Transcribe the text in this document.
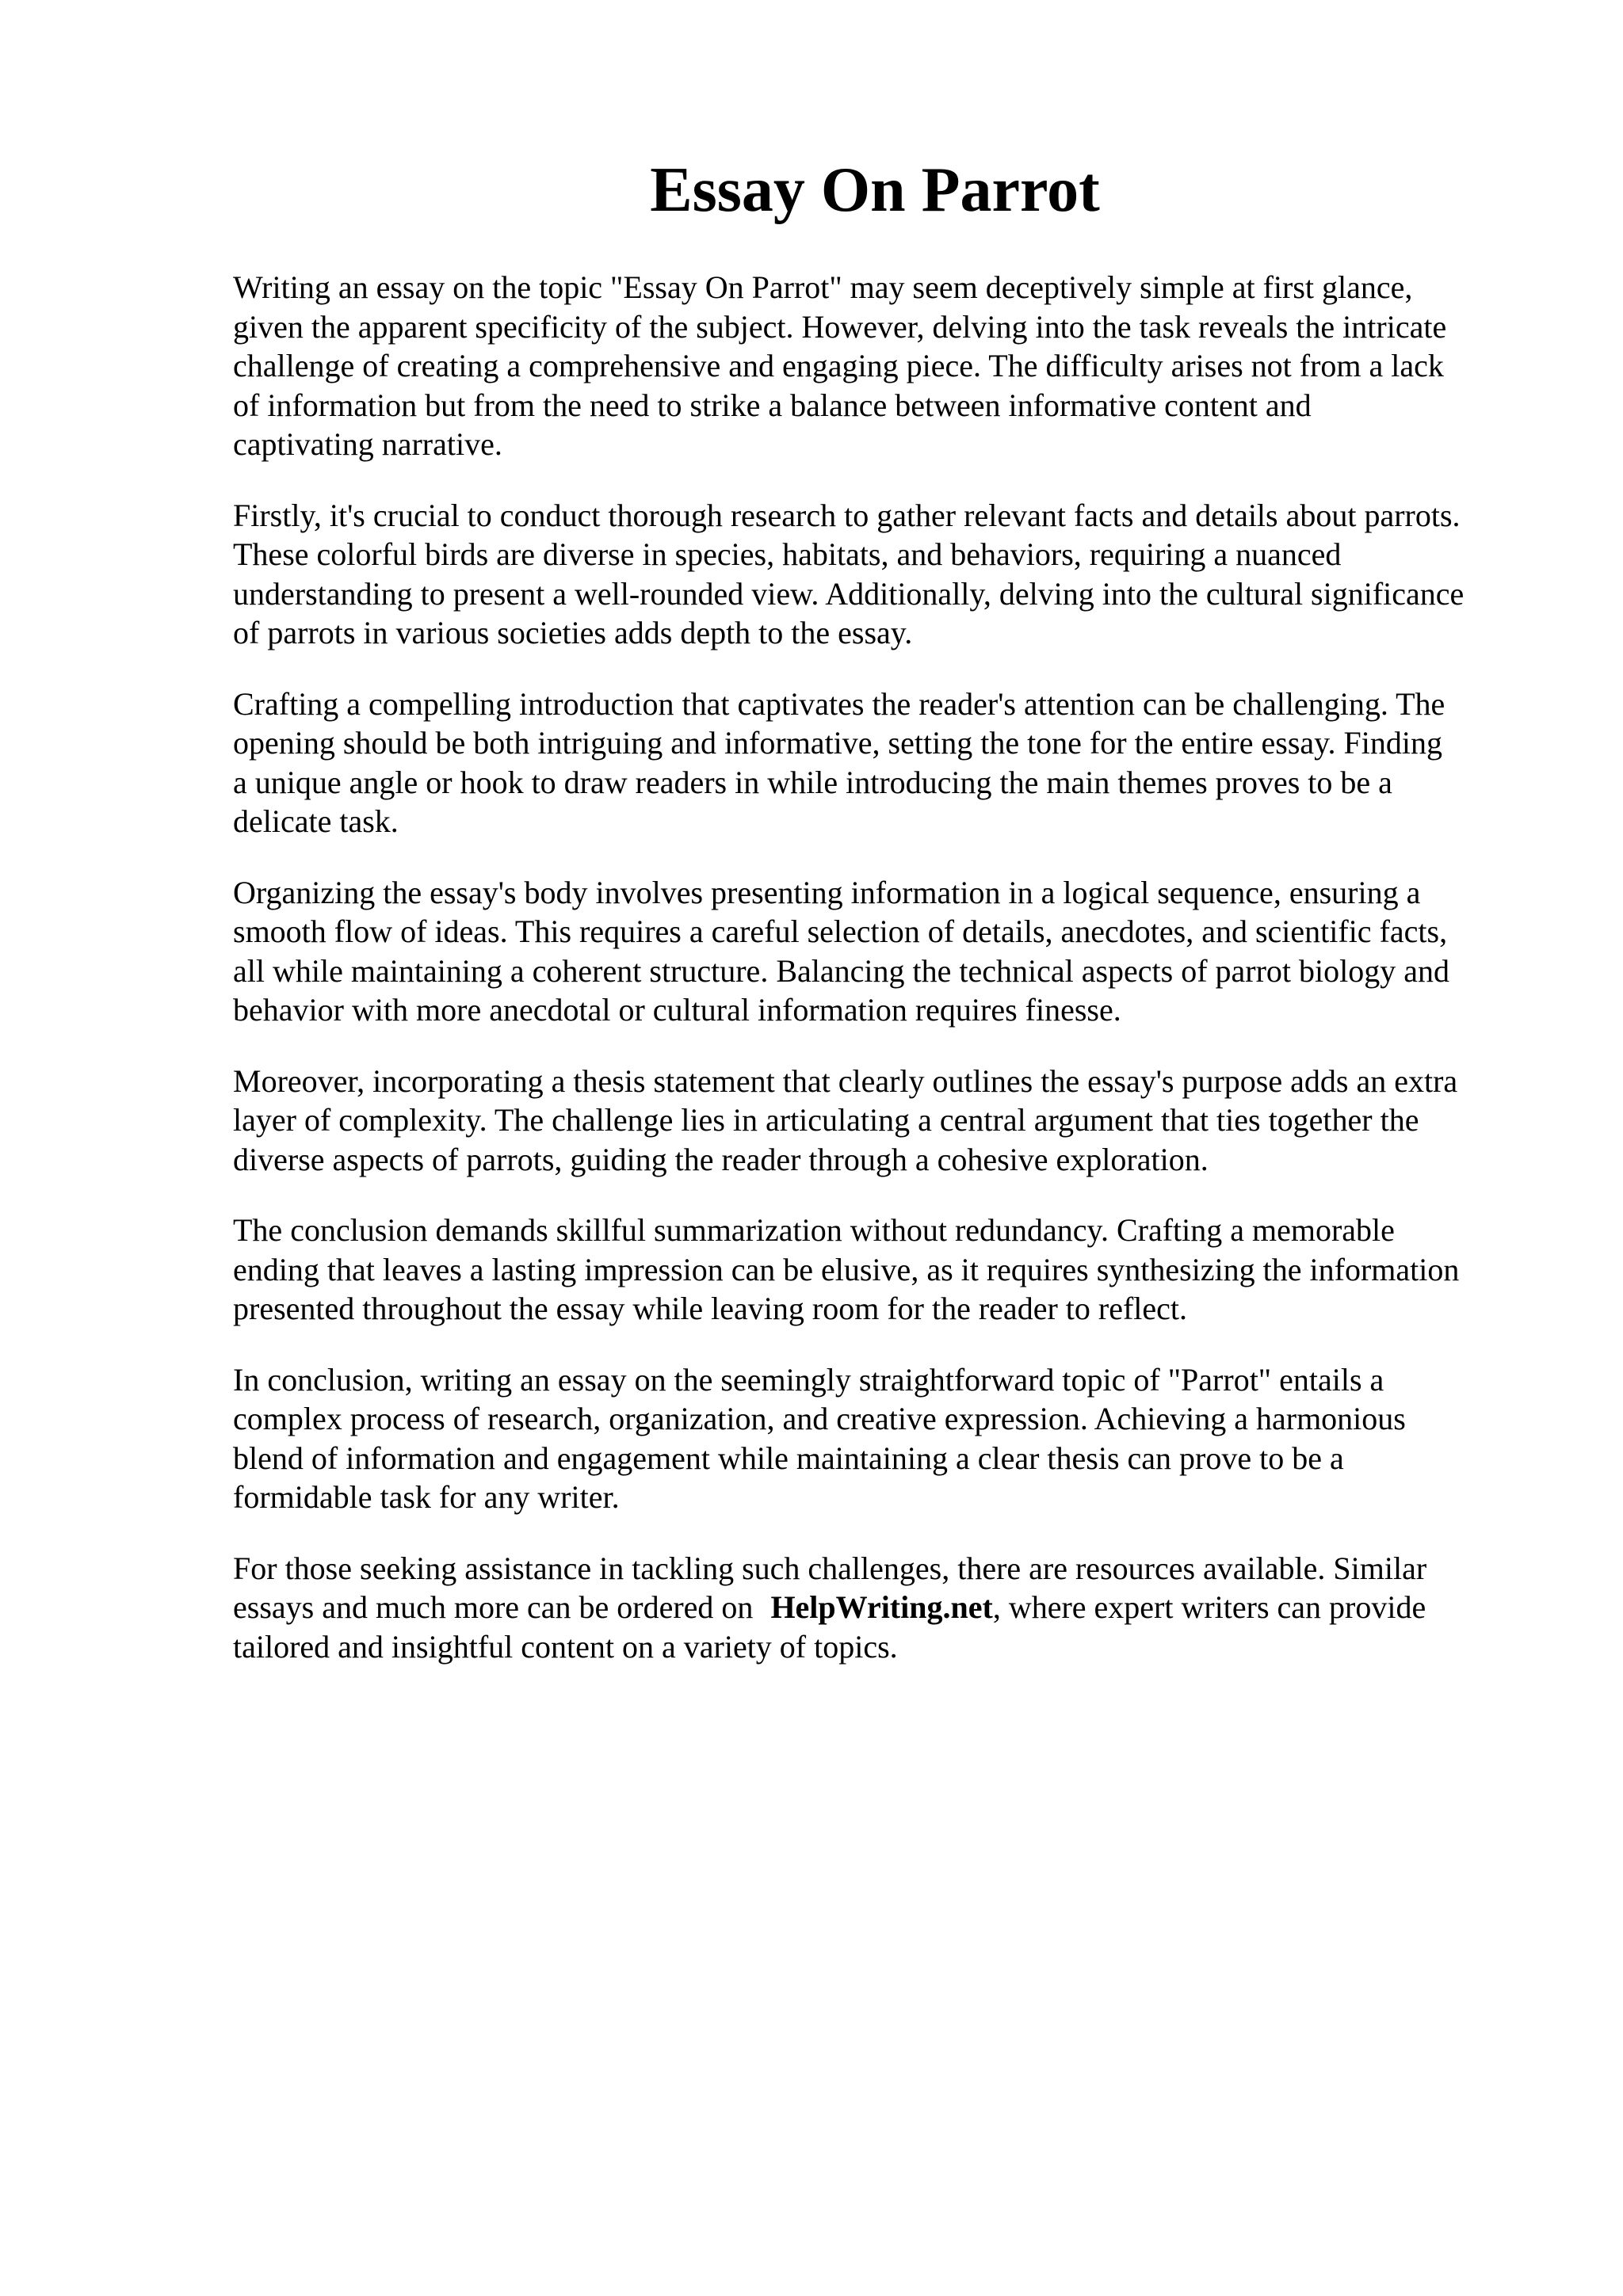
Essay On Parrot

Writing an essay on the topic "Essay On Parrot" may seem deceptively simple at first glance,
given the apparent specificity of the subject. However, delving into the task reveals the intricate
challenge of creating a comprehensive and engaging piece. The difficulty arises not from a lack
of information but from the need to strike a balance between informative content and
captivating narrative.

Firstly, it's crucial to conduct thorough research to gather relevant facts and details about parrots.
These colorful birds are diverse in species, habitats, and behaviors, requiring a nuanced
understanding to present a well-rounded view. Additionally, delving into the cultural significance
of parrots in various societies adds depth to the essay.

Crafting a compelling introduction that captivates the reader's attention can be challenging. The
opening should be both intriguing and informative, setting the tone for the entire essay. Finding
a unique angle or hook to draw readers in while introducing the main themes proves to be a
delicate task.

Organizing the essay's body involves presenting information in a logical sequence, ensuring a
smooth flow of ideas. This requires a careful selection of details, anecdotes, and scientific facts,
all while maintaining a coherent structure. Balancing the technical aspects of parrot biology and
behavior with more anecdotal or cultural information requires finesse.

Moreover, incorporating a thesis statement that clearly outlines the essay's purpose adds an extra
layer of complexity. The challenge lies in articulating a central argument that ties together the
diverse aspects of parrots, guiding the reader through a cohesive exploration.

The conclusion demands skillful summarization without redundancy. Crafting a memorable
ending that leaves a lasting impression can be elusive, as it requires synthesizing the information
presented throughout the essay while leaving room for the reader to reflect.

In conclusion, writing an essay on the seemingly straightforward topic of "Parrot" entails a
complex process of research, organization, and creative expression. Achieving a harmonious
blend of information and engagement while maintaining a clear thesis can prove to be a
formidable task for any writer.

For those seeking assistance in tackling such challenges, there are resources available. Similar
essays and much more can be ordered on HelpWriting.net, where expert writers can provide
tailored and insightful content on a variety of topics.
